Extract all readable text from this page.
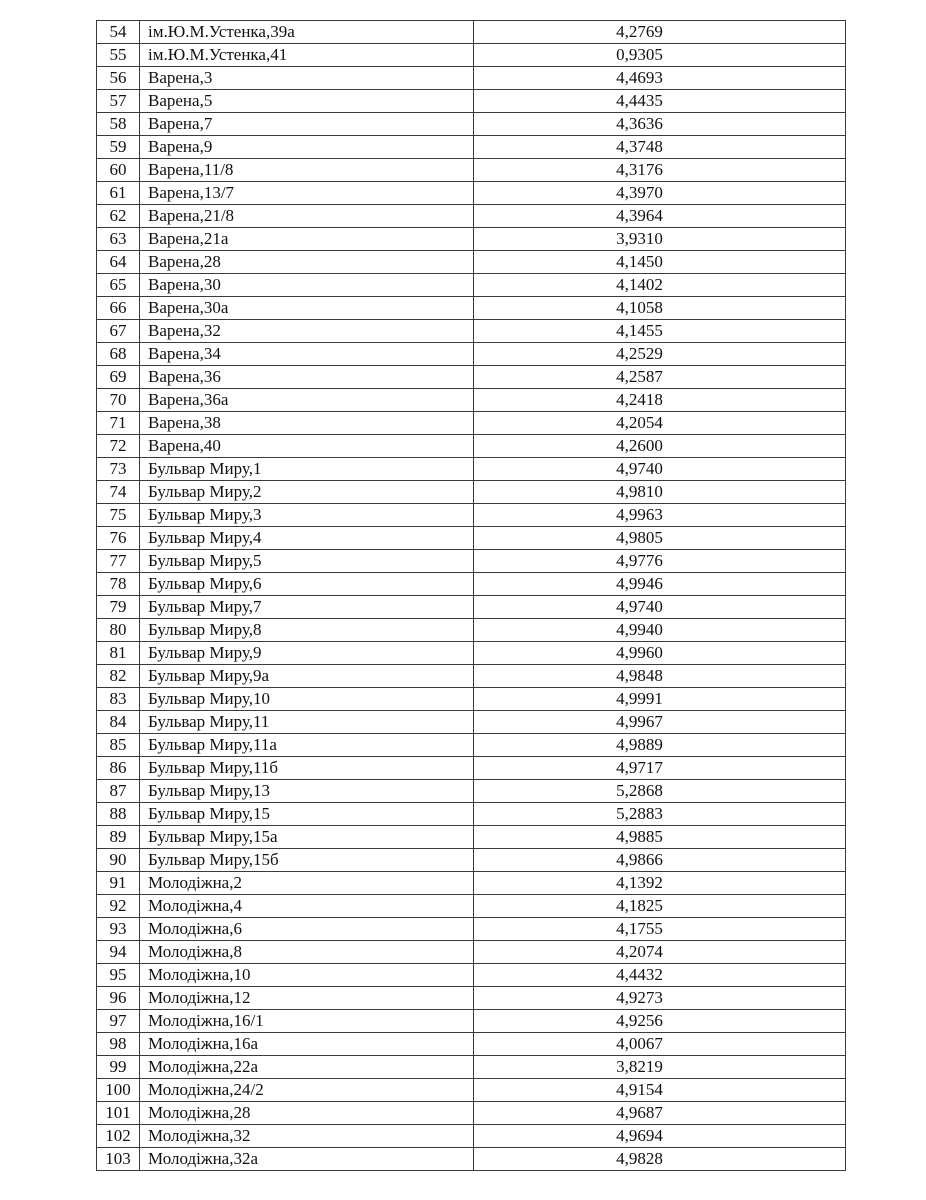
54	ім.Ю.М.Устенка,39а	4,2769
55	ім.Ю.М.Устенка,41	0,9305
56	Варена,3	4,4693
57	Варена,5	4,4435
58	Варена,7	4,3636
59	Варена,9	4,3748
60	Варена,11/8	4,3176
61	Варена,13/7	4,3970
62	Варена,21/8	4,3964
63	Варена,21а	3,9310
64	Варена,28	4,1450
65	Варена,30	4,1402
66	Варена,30а	4,1058
67	Варена,32	4,1455
68	Варена,34	4,2529
69	Варена,36	4,2587
70	Варена,36а	4,2418
71	Варена,38	4,2054
72	Варена,40	4,2600
73	Бульвар Миру,1	4,9740
74	Бульвар Миру,2	4,9810
75	Бульвар Миру,3	4,9963
76	Бульвар Миру,4	4,9805
77	Бульвар Миру,5	4,9776
78	Бульвар Миру,6	4,9946
79	Бульвар Миру,7	4,9740
80	Бульвар Миру,8	4,9940
81	Бульвар Миру,9	4,9960
82	Бульвар Миру,9а	4,9848
83	Бульвар Миру,10	4,9991
84	Бульвар Миру,11	4,9967
85	Бульвар Миру,11а	4,9889
86	Бульвар Миру,11б	4,9717
87	Бульвар Миру,13	5,2868
88	Бульвар Миру,15	5,2883
89	Бульвар Миру,15а	4,9885
90	Бульвар Миру,15б	4,9866
91	Молодіжна,2	4,1392
92	Молодіжна,4	4,1825
93	Молодіжна,6	4,1755
94	Молодіжна,8	4,2074
95	Молодіжна,10	4,4432
96	Молодіжна,12	4,9273
97	Молодіжна,16/1	4,9256
98	Молодіжна,16а	4,0067
99	Молодіжна,22а	3,8219
100	Молодіжна,24/2	4,9154
101	Молодіжна,28	4,9687
102	Молодіжна,32	4,9694
103	Молодіжна,32а	4,9828
